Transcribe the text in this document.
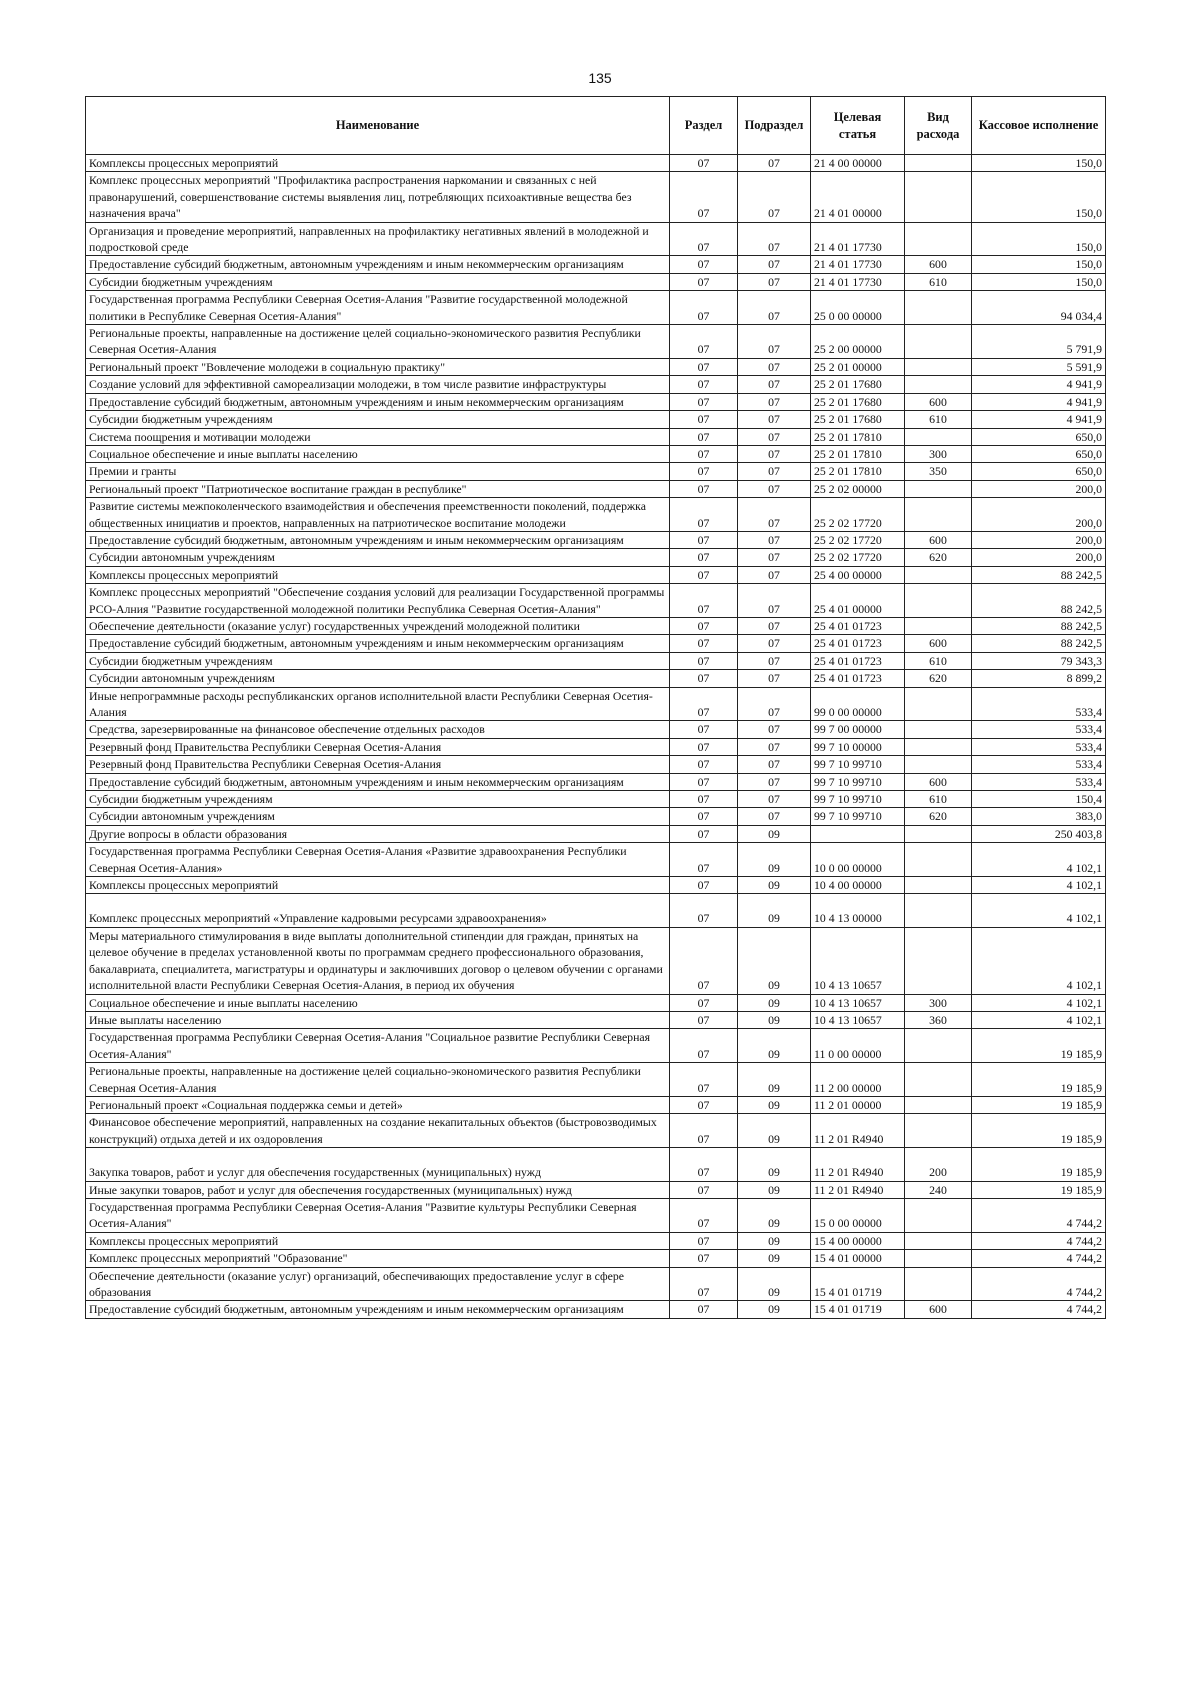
135
Наименование	Раздел	Подраздел	Целевая статья	Вид расхода	Кассовое исполнение
Комплексы процессных мероприятий	07	07	21 4 00 00000		150,0
Комплекс процессных мероприятий "Профилактика распространения наркомании и связанных с ней правонарушений, совершенствование системы выявления лиц, потребляющих психоактивные вещества без назначения врача"	07	07	21 4 01 00000		150,0
Организация и проведение мероприятий, направленных на профилактику негативных явлений в молодежной и подростковой среде	07	07	21 4 01 17730		150,0
Предоставление субсидий бюджетным, автономным учреждениям и иным некоммерческим организациям	07	07	21 4 01 17730	600	150,0
Субсидии бюджетным учреждениям	07	07	21 4 01 17730	610	150,0
Государственная программа Республики Северная Осетия-Алания "Развитие государственной молодежной политики в Республике Северная Осетия-Алания"	07	07	25 0 00 00000		94 034,4
Региональные проекты, направленные на достижение целей социально-экономического развития Республики Северная Осетия-Алания	07	07	25 2 00 00000		5 791,9
Региональный проект "Вовлечение молодежи в социальную практику"	07	07	25 2 01 00000		5 591,9
Создание условий для эффективной самореализации молодежи, в том числе развитие инфраструктуры	07	07	25 2 01 17680		4 941,9
Предоставление субсидий бюджетным, автономным учреждениям и иным некоммерческим организациям	07	07	25 2 01 17680	600	4 941,9
Субсидии бюджетным учреждениям	07	07	25 2 01 17680	610	4 941,9
Система поощрения и мотивации молодежи	07	07	25 2 01 17810		650,0
Социальное обеспечение и иные выплаты населению	07	07	25 2 01 17810	300	650,0
Премии и гранты	07	07	25 2 01 17810	350	650,0
Региональный проект "Патриотическое воспитание граждан в республике"	07	07	25 2 02 00000		200,0
Развитие системы межпоколенческого взаимодействия и обеспечения преемственности поколений, поддержка общественных инициатив и проектов, направленных на патриотическое воспитание молодежи	07	07	25 2 02 17720		200,0
Предоставление субсидий бюджетным, автономным учреждениям и иным некоммерческим организациям	07	07	25 2 02 17720	600	200,0
Субсидии автономным учреждениям	07	07	25 2 02 17720	620	200,0
Комплексы процессных мероприятий	07	07	25 4 00 00000		88 242,5
Комплекс процессных мероприятий "Обеспечение создания условий для реализации Государственной программы РСО-Алния "Развитие государственной молодежной политики Республика Северная Осетия-Алания"	07	07	25 4 01 00000		88 242,5
Обеспечение деятельности (оказание услуг) государственных учреждений молодежной политики	07	07	25 4 01 01723		88 242,5
Предоставление субсидий бюджетным, автономным учреждениям и иным некоммерческим организациям	07	07	25 4 01 01723	600	88 242,5
Субсидии бюджетным учреждениям	07	07	25 4 01 01723	610	79 343,3
Субсидии автономным учреждениям	07	07	25 4 01 01723	620	8 899,2
Иные непрограммные расходы республиканских органов исполнительной власти Республики Северная Осетия-Алания	07	07	99 0 00 00000		533,4
Средства, зарезервированные на финансовое обеспечение отдельных расходов	07	07	99 7 00 00000		533,4
Резервный фонд Правительства Республики Северная Осетия-Алания	07	07	99 7 10 00000		533,4
Резервный фонд Правительства Республики Северная Осетия-Алания	07	07	99 7 10 99710		533,4
Предоставление субсидий бюджетным, автономным учреждениям и иным некоммерческим организациям	07	07	99 7 10 99710	600	533,4
Субсидии бюджетным учреждениям	07	07	99 7 10 99710	610	150,4
Субсидии автономным учреждениям	07	07	99 7 10 99710	620	383,0
Другие вопросы в области образования	07	09			250 403,8
Государственная программа Республики Северная Осетия-Алания «Развитие здравоохранения Республики Северная Осетия-Алания»	07	09	10 0 00 00000		4 102,1
Комплексы процессных мероприятий	07	09	10 4 00 00000		4 102,1
Комплекс процессных мероприятий «Управление кадровыми ресурсами здравоохранения»	07	09	10 4 13 00000		4 102,1
Меры материального стимулирования в виде выплаты дополнительной стипендии для граждан, принятых на целевое обучение в пределах установленной квоты по программам среднего профессионального образования, бакалавриата, специалитета, магистратуры и ординатуры и заключивших договор о целевом обучении с органами исполнительной власти Республики Северная Осетия-Алания, в период их обучения	07	09	10 4 13 10657		4 102,1
Социальное обеспечение и иные выплаты населению	07	09	10 4 13 10657	300	4 102,1
Иные выплаты населению	07	09	10 4 13 10657	360	4 102,1
Государственная программа Республики Северная Осетия-Алания "Социальное развитие Республики Северная Осетия-Алания"	07	09	11 0 00 00000		19 185,9
Региональные проекты, направленные на достижение целей социально-экономического развития Республики Северная Осетия-Алания	07	09	11 2 00 00000		19 185,9
Региональный проект «Социальная поддержка семьи и детей»	07	09	11 2 01 00000		19 185,9
Финансовое обеспечение мероприятий, направленных на создание некапитальных объектов (быстровозводимых конструкций) отдыха детей и их оздоровления	07	09	11 2 01 R4940		19 185,9
Закупка товаров, работ и услуг для обеспечения государственных (муниципальных) нужд	07	09	11 2 01 R4940	200	19 185,9
Иные закупки товаров, работ и услуг для обеспечения государственных (муниципальных) нужд	07	09	11 2 01 R4940	240	19 185,9
Государственная программа Республики Северная Осетия-Алания "Развитие культуры Республики Северная Осетия-Алания"	07	09	15 0 00 00000		4 744,2
Комплексы процессных мероприятий	07	09	15 4 00 00000		4 744,2
Комплекс процессных мероприятий "Образование"	07	09	15 4 01 00000		4 744,2
Обеспечение деятельности (оказание услуг) организаций, обеспечивающих предоставление услуг в сфере образования	07	09	15 4 01 01719		4 744,2
Предоставление субсидий бюджетным, автономным учреждениям и иным некоммерческим организациям	07	09	15 4 01 01719	600	4 744,2
